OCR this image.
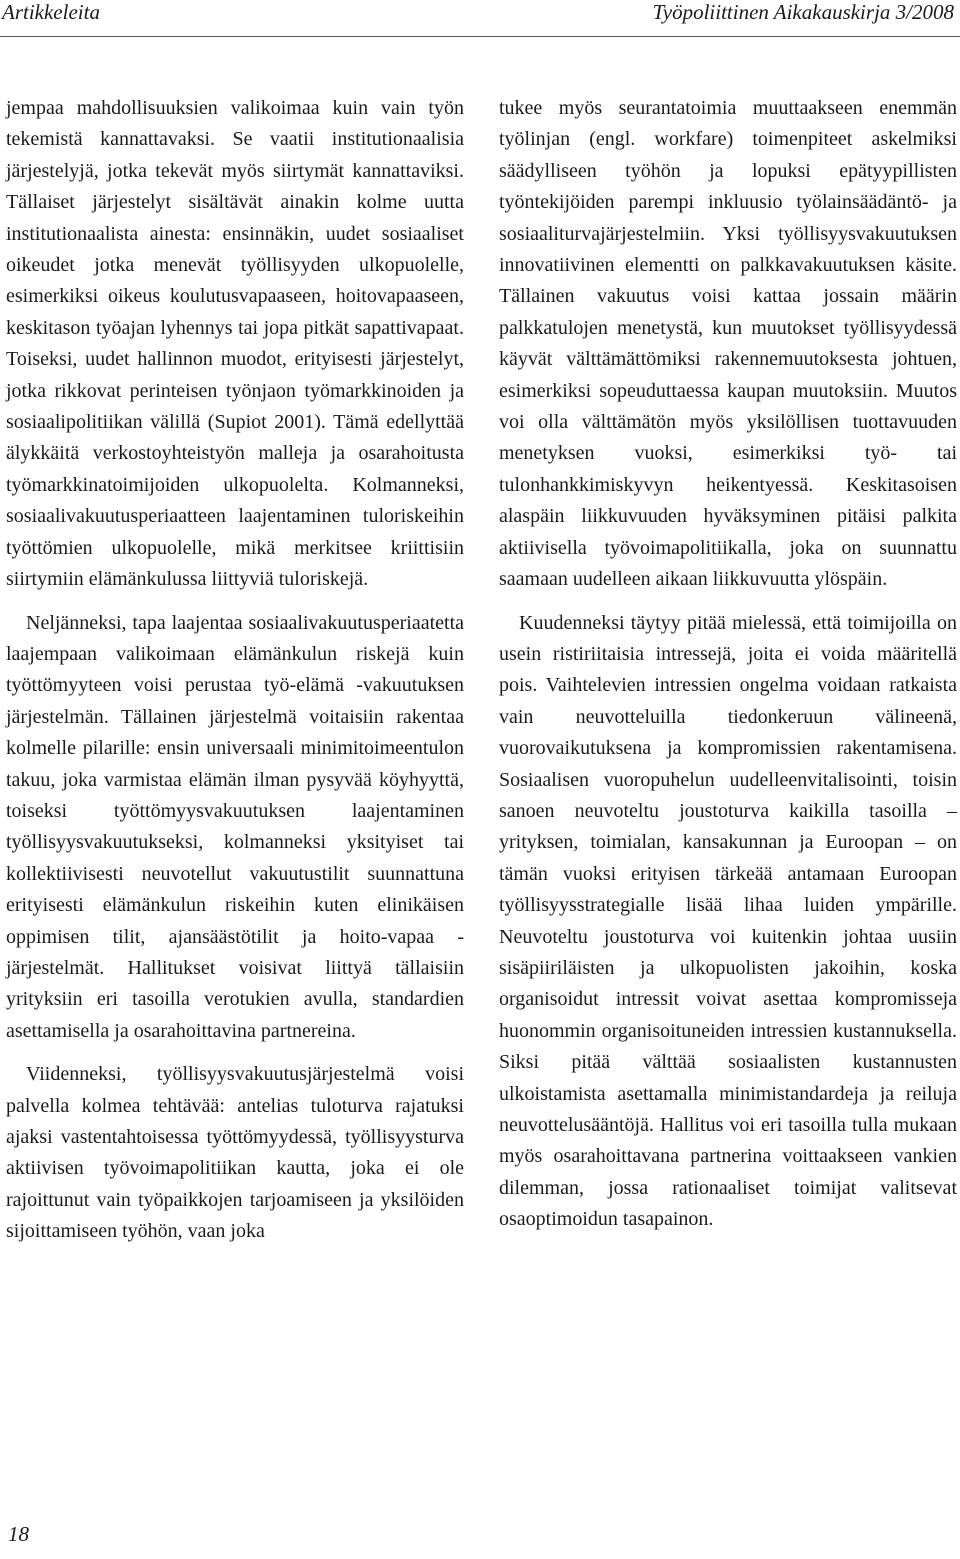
Artikkeleita	Työpoliittinen Aikakauskirja 3/2008

jempaa mahdollisuuksien valikoimaa kuin vain työn tekemistä kannattavaksi. Se vaatii institutionaalisia järjestelyjä, jotka tekevät myös siirtymät kannattaviksi. Tällaiset järjestelyt sisältävät ainakin kolme uutta institutionaalista ainesta: ensinnäkin, uudet sosiaaliset oikeudet jotka menevät työllisyyden ulkopuolelle, esimerkiksi oikeus koulutusvapaaseen, hoitovapaaseen, keskitason työajan lyhennys tai jopa pitkät sapattivapaat. Toiseksi, uudet hallinnon muodot, erityisesti järjestelyt, jotka rikkovat perinteisen työnjaon työmarkkinoiden ja sosiaalipolitiikan välillä (Supiot 2001). Tämä edellyttää älykkäitä verkostoyhteistyön malleja ja osarahoitusta työmarkkinatoimijoiden ulkopuolelta. Kolmanneksi, sosiaalivakuutusperiaatteen laajentaminen tuloriskeihin työttömien ulkopuolelle, mikä merkitsee kriittisiin siirtymiin elämänkulussa liittyviä tuloriskejä.

Neljänneksi, tapa laajentaa sosiaalivakuutusperiaatetta laajempaan valikoimaan elämänkulun riskejä kuin työttömyyteen voisi perustaa työ-elämä -vakuutuksen järjestelmän. Tällainen järjestelmä voitaisiin rakentaa kolmelle pilarille: ensin universaali minimitoimeentulon takuu, joka varmistaa elämän ilman pysyvää köyhyyttä, toiseksi työttömyysvakuutuksen laajentaminen työllisyysvakuutukseksi, kolmanneksi yksityiset tai kollektiivisesti neuvotellut vakuutustilit suunnattuna erityisesti elämänkulun riskeihin kuten elinikäisen oppimisen tilit, ajansäästötilit ja hoito-vapaa -järjestelmät. Hallitukset voisivat liittyä tällaisiin yrityksiin eri tasoilla verotukien avulla, standardien asettamisella ja osarahoittavina partnereina.

Viidenneksi, työllisyysvakuutusjärjestelmä voisi palvella kolmea tehtävää: antelias tuloturva rajatuksi ajaksi vastentahtoisessa työttömyydessä, työllisyysturva aktiivisen työvoimapolitiikan kautta, joka ei ole rajoittunut vain työpaikkojen tarjoamiseen ja yksilöiden sijoittamiseen työhön, vaan joka

tukee myös seurantatoimia muuttaakseen enemmän työlinjan (engl. workfare) toimenpiteet askelmiksi säädylliseen työhön ja lopuksi epätyypillisten työntekijöiden parempi inkluusio työlainsäädäntö- ja sosiaaliturvajärjestelmiin. Yksi työllisyysvakuutuksen innovatiivinen elementti on palkkavakuutuksen käsite. Tällainen vakuutus voisi kattaa jossain määrin palkkatulojen menetystä, kun muutokset työllisyydessä käyvät välttämättömiksi rakennemuutoksesta johtuen, esimerkiksi sopeuduttaessa kaupan muutoksiin. Muutos voi olla välttämätön myös yksilöllisen tuottavuuden menetyksen vuoksi, esimerkiksi työ- tai tulonhankkimiskyvyn heikentyessä. Keskitasoisen alaspäin liikkuvuuden hyväksyminen pitäisi palkita aktiivisella työvoimapolitiikalla, joka on suunnattu saamaan uudelleen aikaan liikkuvuutta ylöspäin.

Kuudenneksi täytyy pitää mielessä, että toimijoilla on usein ristiriitaisia intressejä, joita ei voida määritellä pois. Vaihtelevien intressien ongelma voidaan ratkaista vain neuvotteluilla tiedonkeruun välineenä, vuorovaikutuksena ja kompromissien rakentamisena. Sosiaalisen vuoropuhelun uudelleenvitalisointi, toisin sanoen neuvoteltu joustoturva kaikilla tasoilla – yrityksen, toimialan, kansakunnan ja Euroopan – on tämän vuoksi erityisen tärkeää antamaan Euroopan työllisyysstrategialle lisää lihaa luiden ympärille. Neuvoteltu joustoturva voi kuitenkin johtaa uusiin sisäpiiriläisten ja ulkopuolisten jakoihin, koska organisoidut intressit voivat asettaa kompromisseja huonommin organisoituneiden intressien kustannuksella. Siksi pitää välttää sosiaalisten kustannusten ulkoistamista asettamalla minimistandardeja ja reiluja neuvottelusääntöjä. Hallitus voi eri tasoilla tulla mukaan myös osarahoittavana partnerina voittaakseen vankien dilemman, jossa rationaaliset toimijat valitsevat osaoptimoidun tasapainon.

18
